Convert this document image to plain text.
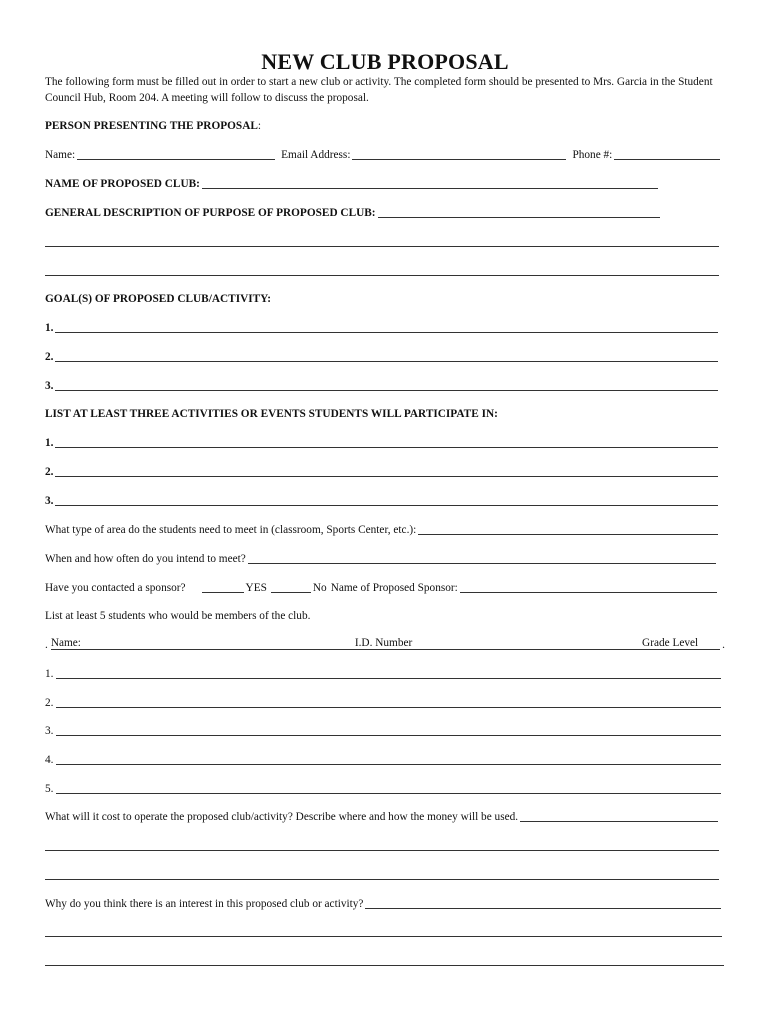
NEW CLUB PROPOSAL
The following form must be filled out in order to start a new club or activity. The completed form should be presented to Mrs. Garcia in the Student Council Hub, Room 204. A meeting will follow to discuss the proposal.
PERSON PRESENTING THE PROPOSAL :
Name:	Email Address:	Phone #:
NAME OF PROPOSED CLUB:
GENERAL DESCRIPTION OF PURPOSE OF PROPOSED CLUB:
GOAL(S) OF PROPOSED CLUB/ACTIVITY:
1.
2.
3.
LIST AT LEAST THREE ACTIVITIES OR EVENTS STUDENTS WILL PARTICIPATE IN:
1.
2.
3.
What type of area do the students need to meet in (classroom, Sports Center, etc.):
When and how often do you intend to meet?
Have you contacted a sponsor?	YES	No Name of Proposed Sponsor:
List at least 5 students who would be members of the club.
. Name:	I.D. Number	Grade Level	.
1.
2.
3.
4.
5.
What will it cost to operate the proposed club/activity? Describe where and how the money will be used.
Why do you think there is an interest in this proposed club or activity?
